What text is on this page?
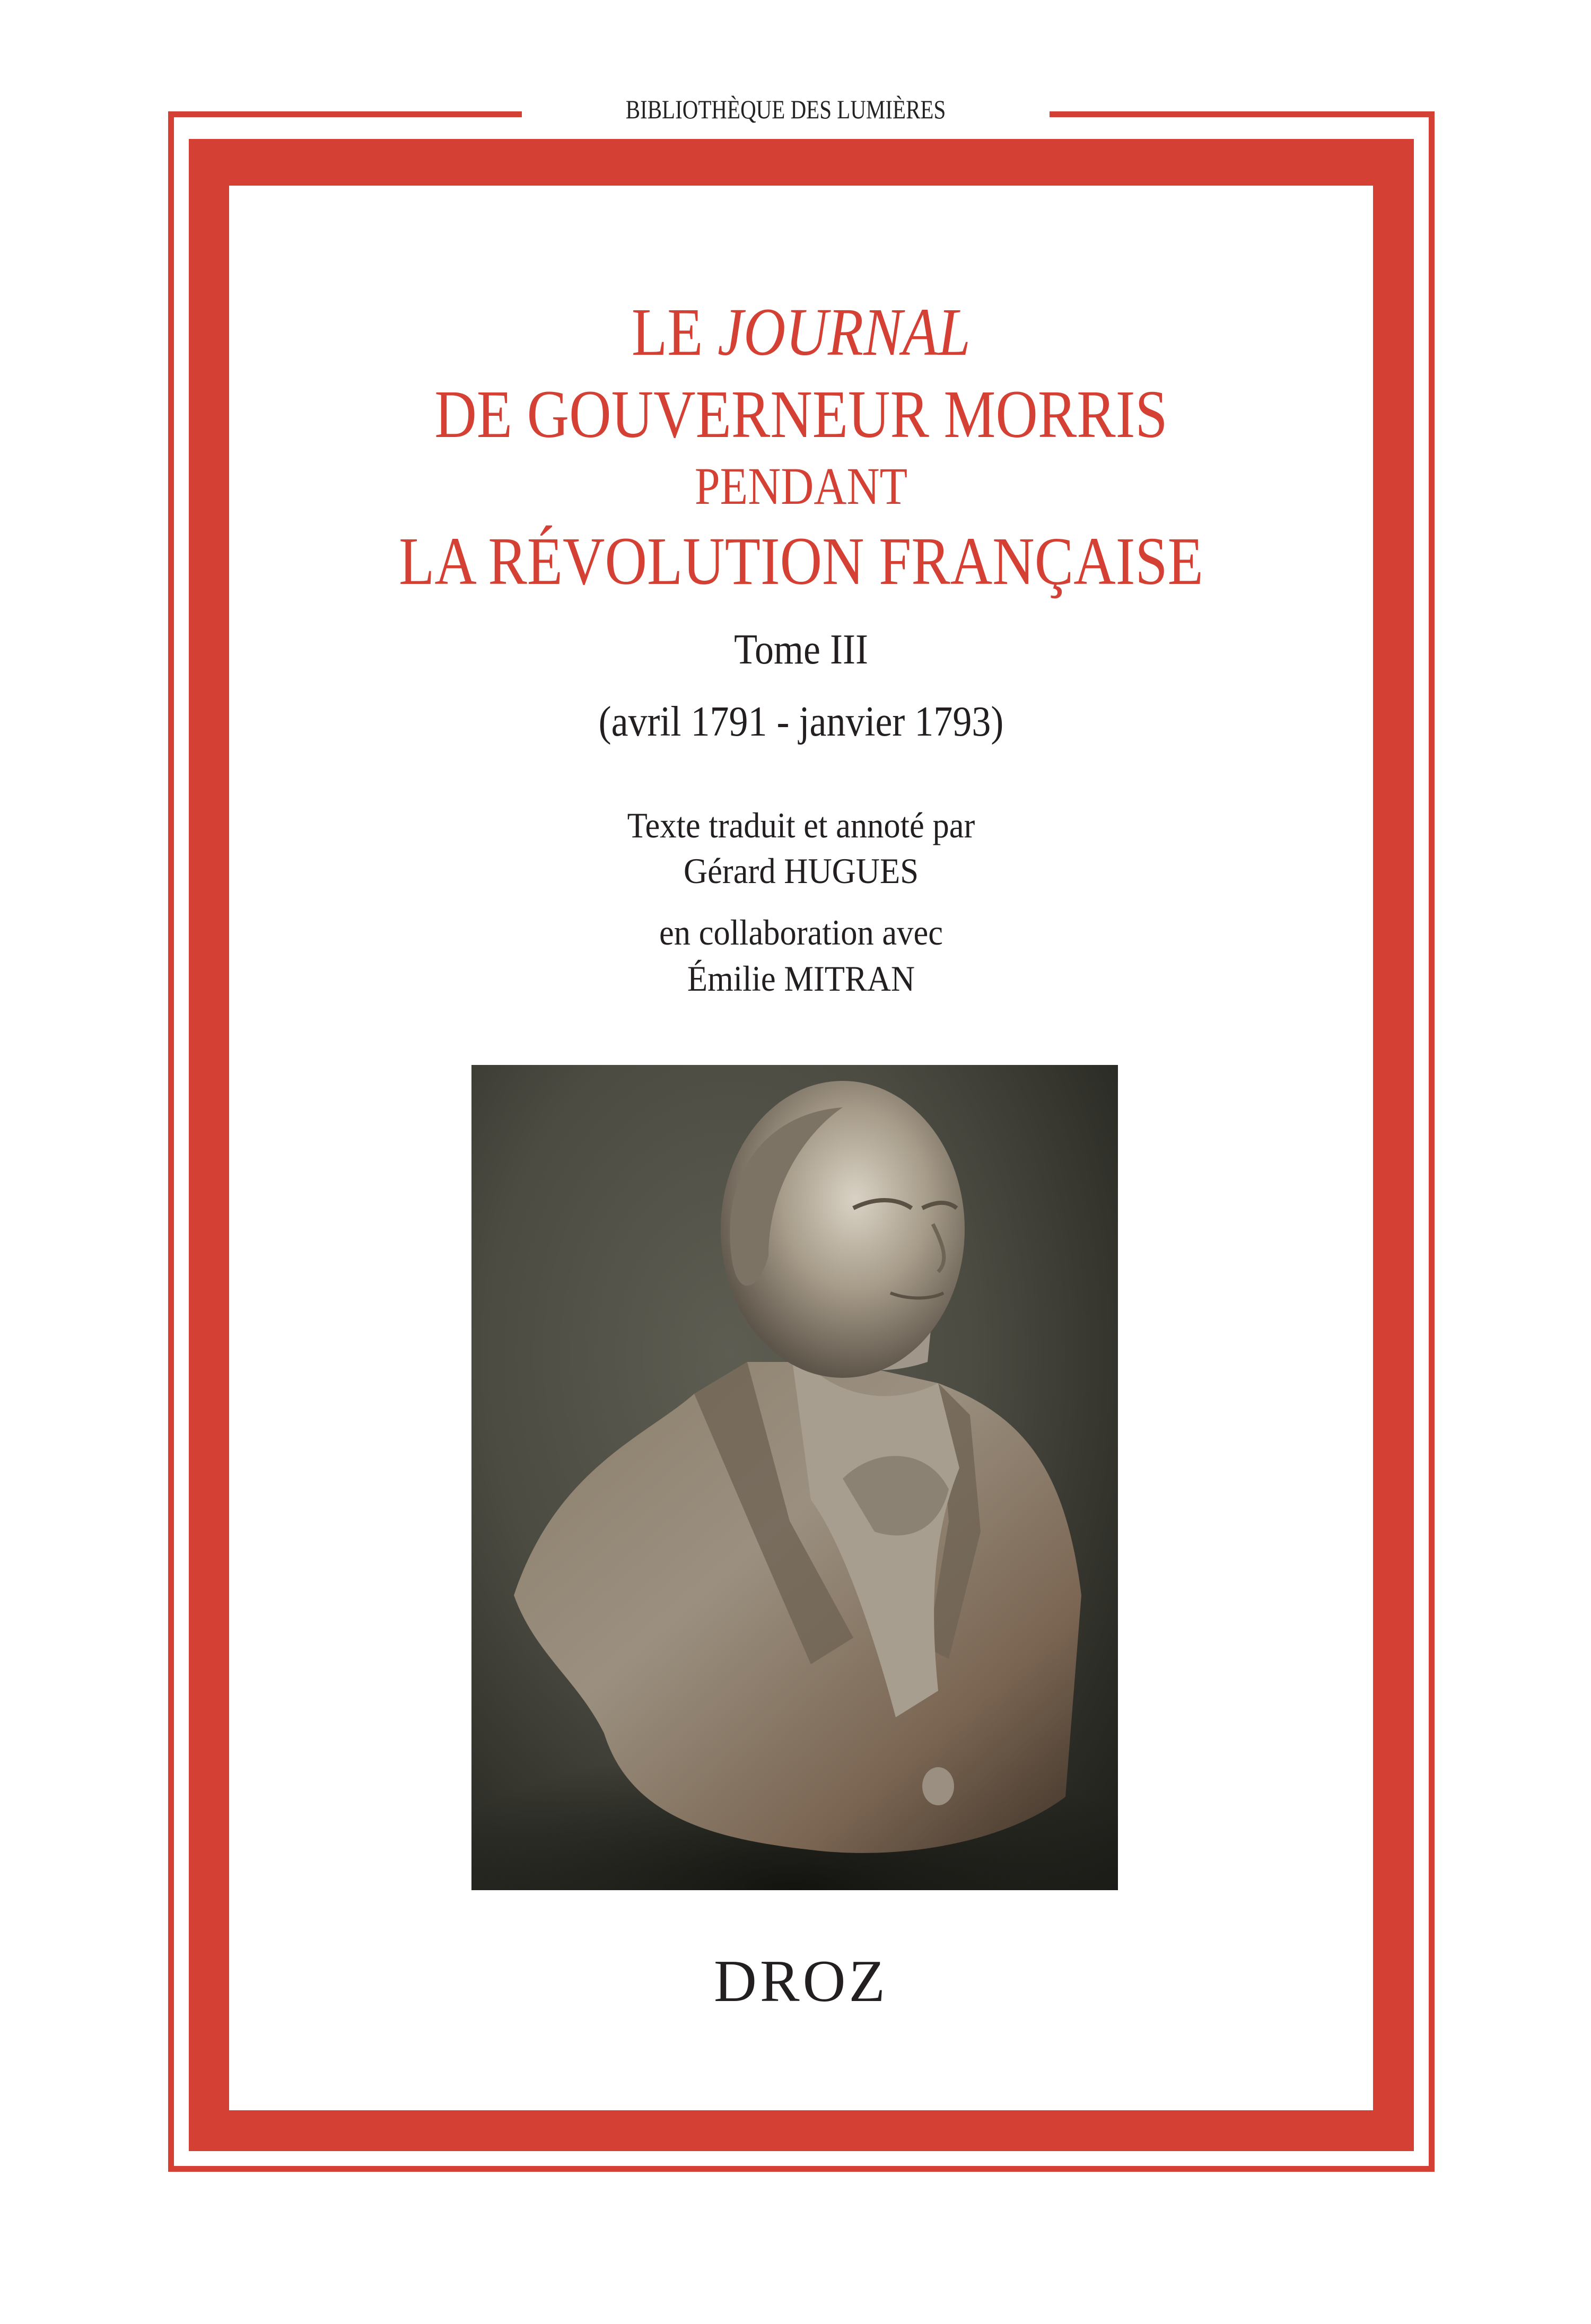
BIBLIOTHÈQUE DES LUMIÈRES
LE JOURNAL
DE GOUVERNEUR MORRIS
PENDANT
LA RÉVOLUTION FRANÇAISE
Tome III
(avril 1791 - janvier 1793)
Texte traduit et annoté par
Gérard HUGUES
en collaboration avec
Émilie MITRAN
DROZ
